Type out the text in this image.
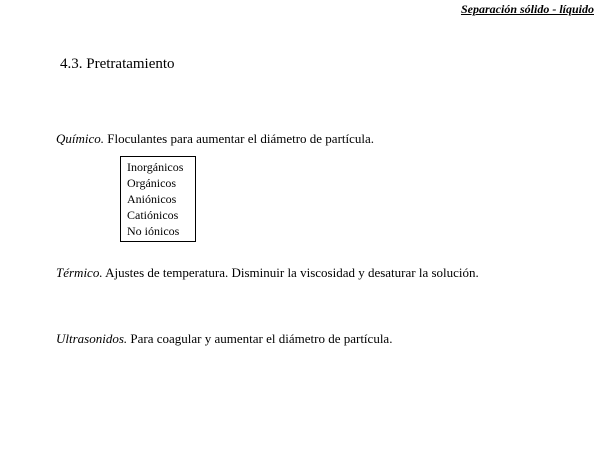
Separación sólido - líquido
4.3. Pretratamiento
Químico. Floculantes para aumentar el diámetro de partícula.
Inorgánicos
Orgánicos
Aniónicos
Catiónicos
No iónicos
Térmico. Ajustes de temperatura. Disminuir la viscosidad y desaturar la solución.
Ultrasonidos. Para coagular y aumentar el diámetro de partícula.
